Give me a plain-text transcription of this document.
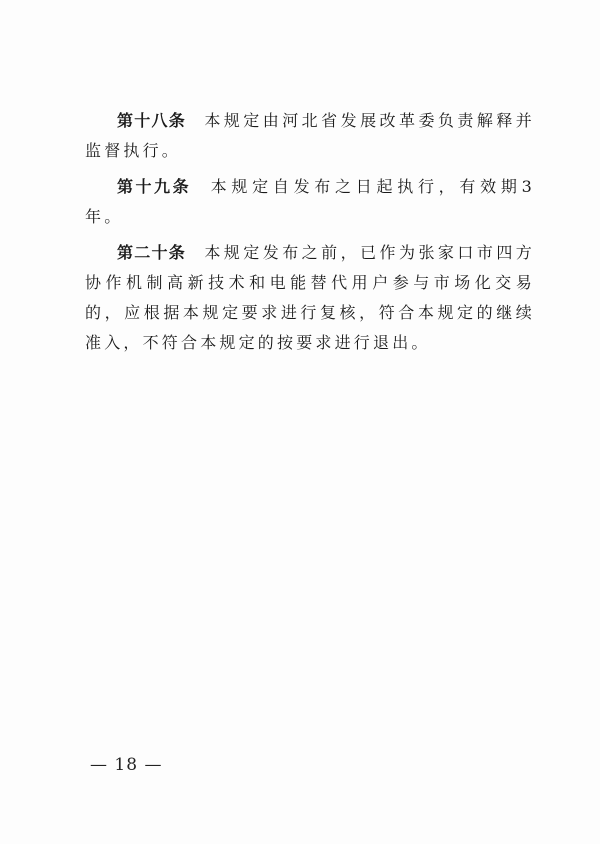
第十八条 本规定由河北省发展改革委负责解释并监督执行。

第十九条 本规定自发布之日起执行，有效期3年。

第二十条 本规定发布之前，已作为张家口市四方协作机制高新技术和电能替代用户参与市场化交易的，应根据本规定要求进行复核，符合本规定的继续准入，不符合本规定的按要求进行退出。

— 18 —
